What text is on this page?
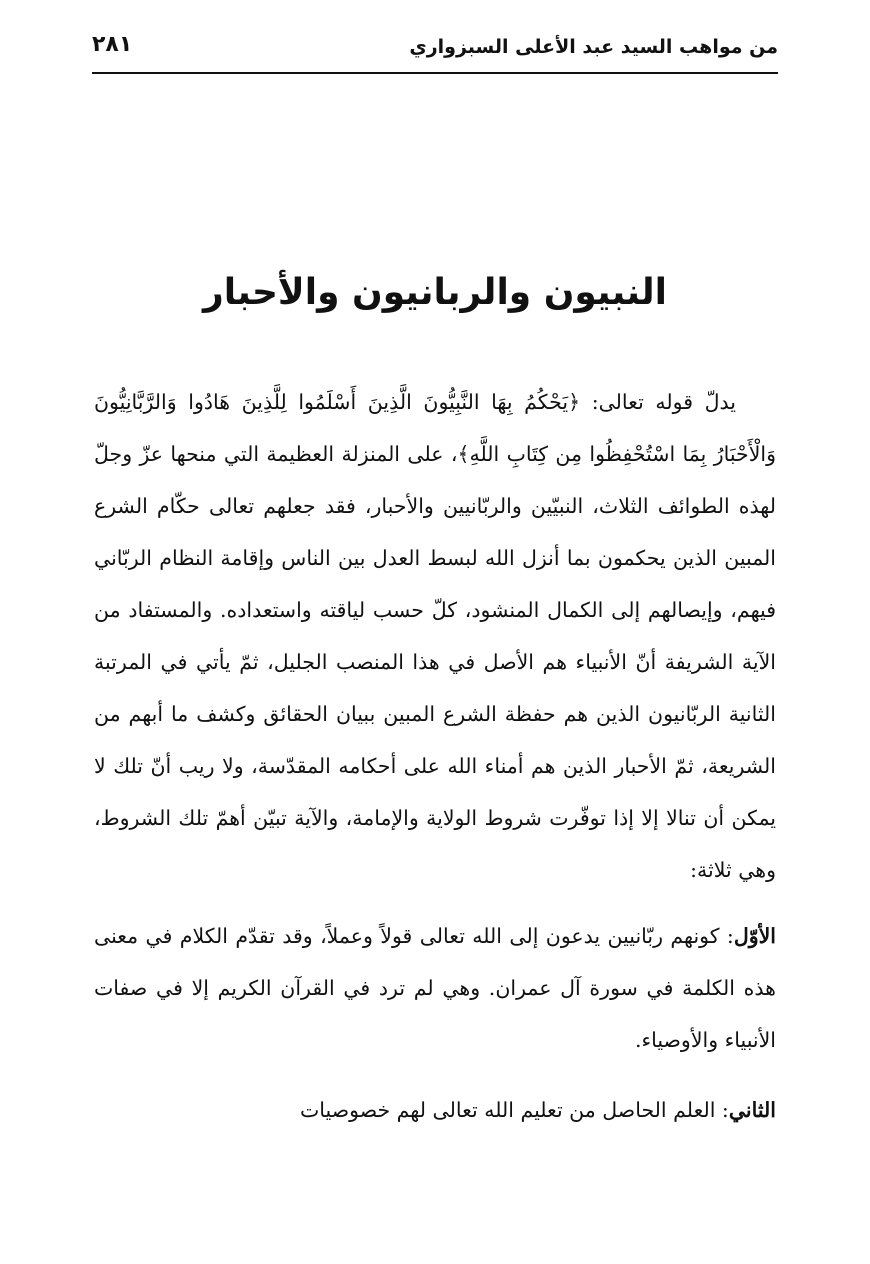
من مواهب السيد عبد الأعلى السبزواري
٢٨١
النبيون والربانيون والأحبار

يدلّ قوله تعالى: ﴿يَحْكُمُ بِهَا النَّبِيُّونَ الَّذِينَ أَسْلَمُوا لِلَّذِينَ هَادُوا وَالرَّبَّانِيُّونَ وَالْأَحْبَارُ بِمَا اسْتُحْفِظُوا مِن كِتَابِ اللَّهِ﴾، على المنزلة العظيمة التي منحها عزّ وجلّ لهذه الطوائف الثلاث، النبيّين والربّانيين والأحبار، فقد جعلهم تعالى حكّام الشرع المبين الذين يحكمون بما أنزل الله لبسط العدل بين الناس وإقامة النظام الربّاني فيهم، وإيصالهم إلى الكمال المنشود، كلّ حسب لياقته واستعداده. والمستفاد من الآية الشريفة أنّ الأنبياء هم الأصل في هذا المنصب الجليل، ثمّ يأتي في المرتبة الثانية الربّانيون الذين هم حفظة الشرع المبين ببيان الحقائق وكشف ما أبهم من الشريعة، ثمّ الأحبار الذين هم أمناء الله على أحكامه المقدّسة، ولا ريب أنّ تلك لا يمكن أن تنالا إلا إذا توفّرت شروط الولاية والإمامة، والآية تبيّن أهمّ تلك الشروط، وهي ثلاثة:

الأوّل: كونهم ربّانيين يدعون إلى الله تعالى قولاً وعملاً، وقد تقدّم الكلام في معنى هذه الكلمة في سورة آل عمران. وهي لم ترد في القرآن الكريم إلا في صفات الأنبياء والأوصياء.

الثاني: العلم الحاصل من تعليم الله تعالى لهم خصوصيات
